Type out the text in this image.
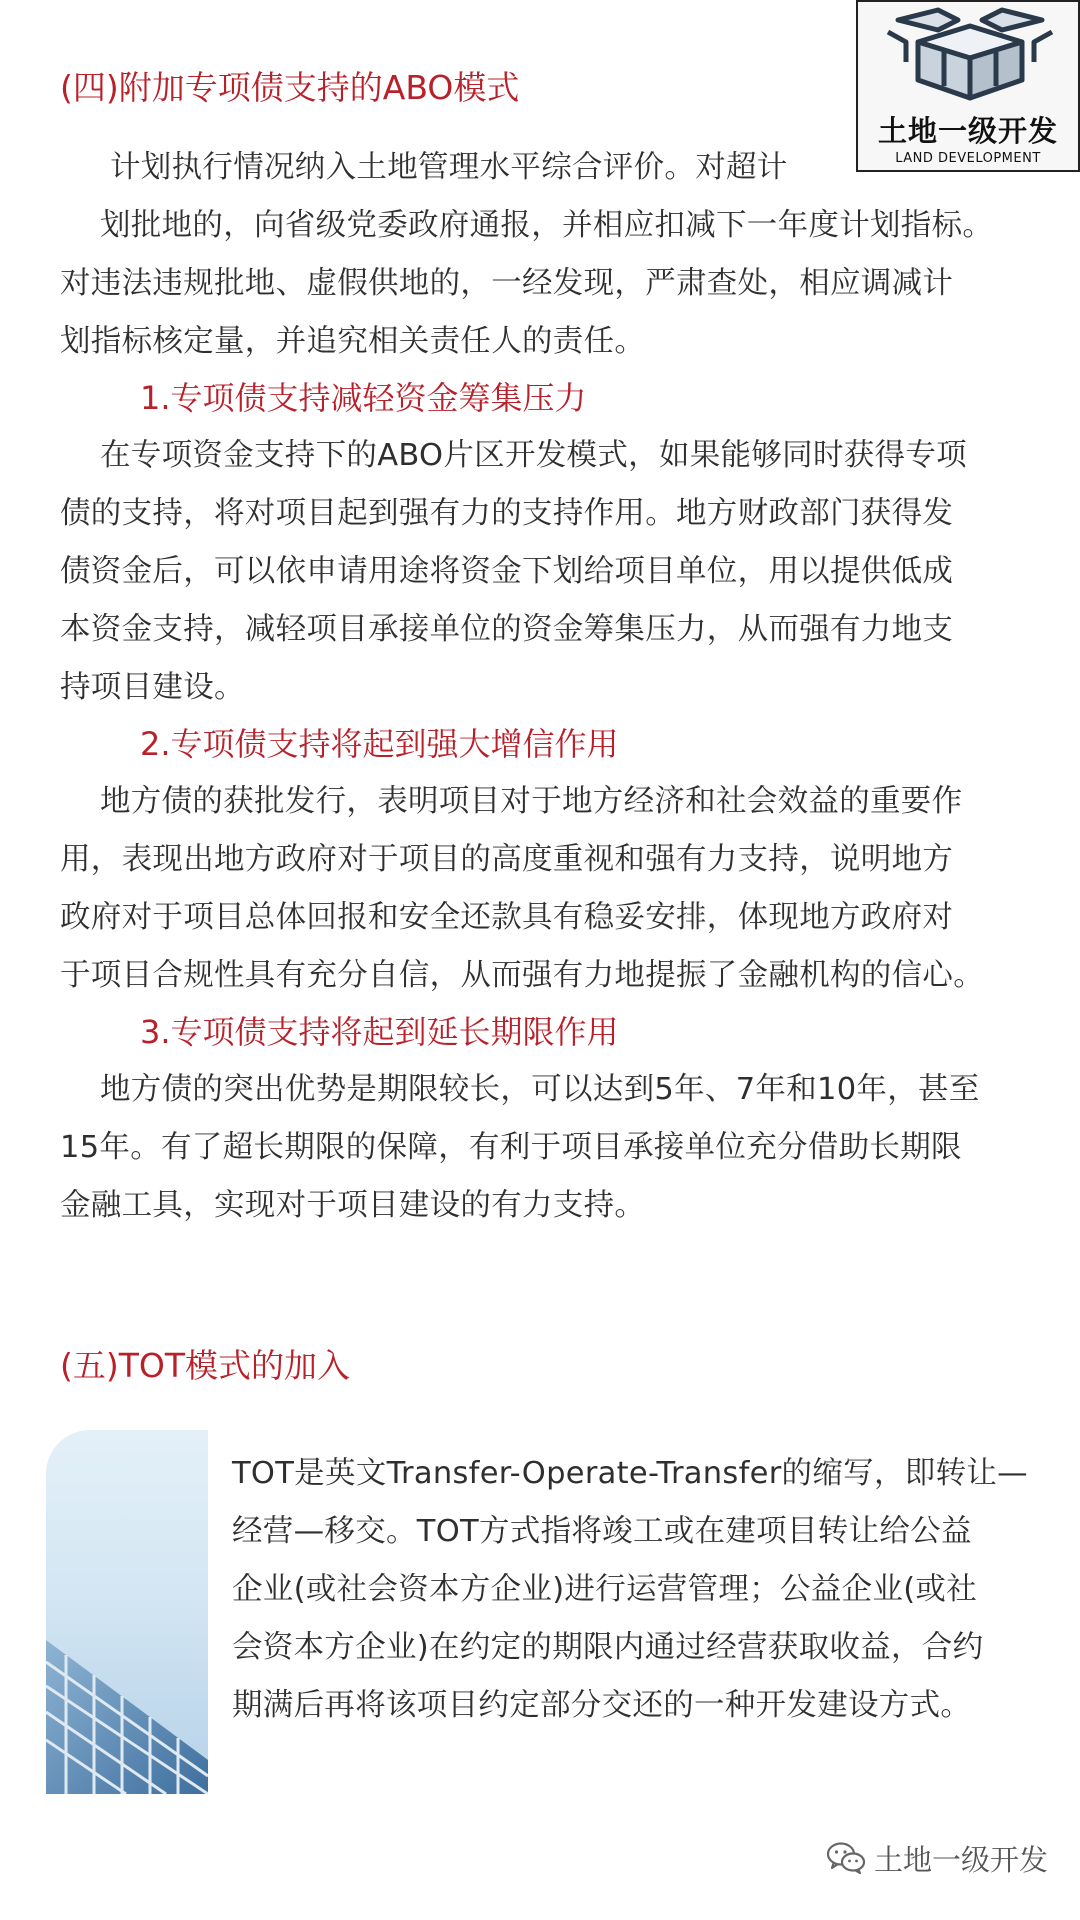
土地一级开发
LAND DEVELOPMENT
(四)附加专项债支持的ABO模式
计划执行情况纳入土地管理水平综合评价。对超计
划批地的，向省级党委政府通报，并相应扣减下一年度计划指标。
对违法违规批地、虚假供地的，一经发现，严肃查处，相应调减计
划指标核定量，并追究相关责任人的责任。
1.专项债支持减轻资金筹集压力
在专项资金支持下的ABO片区开发模式，如果能够同时获得专项
债的支持，将对项目起到强有力的支持作用。地方财政部门获得发
债资金后，可以依申请用途将资金下划给项目单位，用以提供低成
本资金支持，减轻项目承接单位的资金筹集压力，从而强有力地支
持项目建设。
2.专项债支持将起到强大增信作用
地方债的获批发行，表明项目对于地方经济和社会效益的重要作
用，表现出地方政府对于项目的高度重视和强有力支持，说明地方
政府对于项目总体回报和安全还款具有稳妥安排，体现地方政府对
于项目合规性具有充分自信，从而强有力地提振了金融机构的信心。
3.专项债支持将起到延长期限作用
地方债的突出优势是期限较长，可以达到5年、7年和10年，甚至
15年。有了超长期限的保障，有利于项目承接单位充分借助长期限
金融工具，实现对于项目建设的有力支持。
(五)TOT模式的加入
TOT是英文Transfer-Operate-Transfer的缩写，即转让—
经营—移交。TOT方式指将竣工或在建项目转让给公益
企业(或社会资本方企业)进行运营管理；公益企业(或社
会资本方企业)在约定的期限内通过经营获取收益，合约
期满后再将该项目约定部分交还的一种开发建设方式。
土地一级开发
